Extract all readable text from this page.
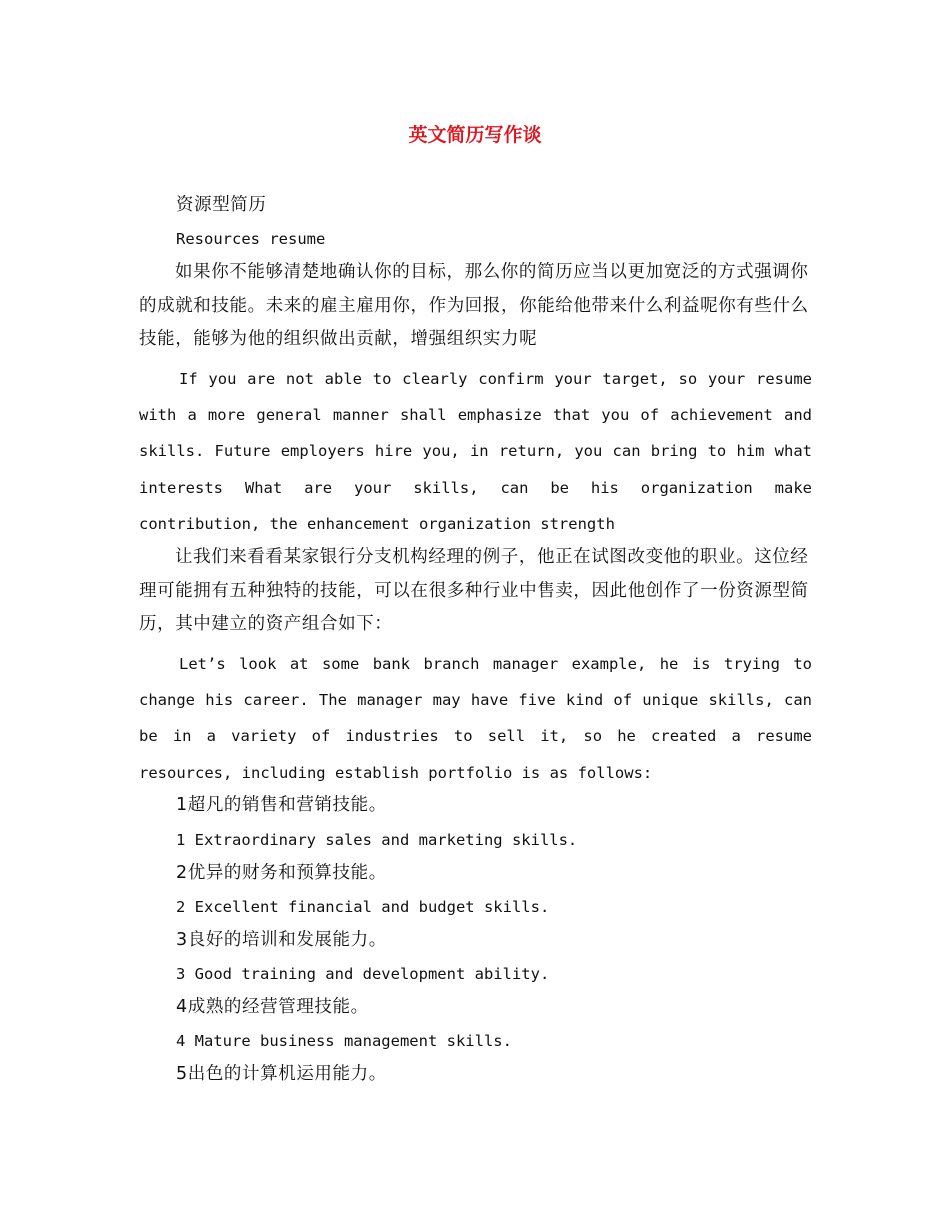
英文简历写作谈

资源型简历

Resources resume

如果你不能够清楚地确认你的目标，那么你的简历应当以更加宽泛的方式强调你的成就和技能。未来的雇主雇用你，作为回报，你能给他带来什么利益呢你有些什么技能，能够为他的组织做出贡献，增强组织实力呢

If you are not able to clearly confirm your target, so your resume with a more general manner shall emphasize that you of achievement and skills. Future employers hire you, in return, you can bring to him what interests What are your skills, can be his organization make contribution, the enhancement organization strength

让我们来看看某家银行分支机构经理的例子，他正在试图改变他的职业。这位经理可能拥有五种独特的技能，可以在很多种行业中售卖，因此他创作了一份资源型简历，其中建立的资产组合如下：

Let’s look at some bank branch manager example, he is trying to change his career. The manager may have five kind of unique skills, can be in a variety of industries to sell it, so he created a resume resources, including establish portfolio is as follows:

1超凡的销售和营销技能。

1 Extraordinary sales and marketing skills.

2优异的财务和预算技能。

2 Excellent financial and budget skills.

3良好的培训和发展能力。

3 Good training and development ability.

4成熟的经营管理技能。

4 Mature business management skills.

5出色的计算机运用能力。
